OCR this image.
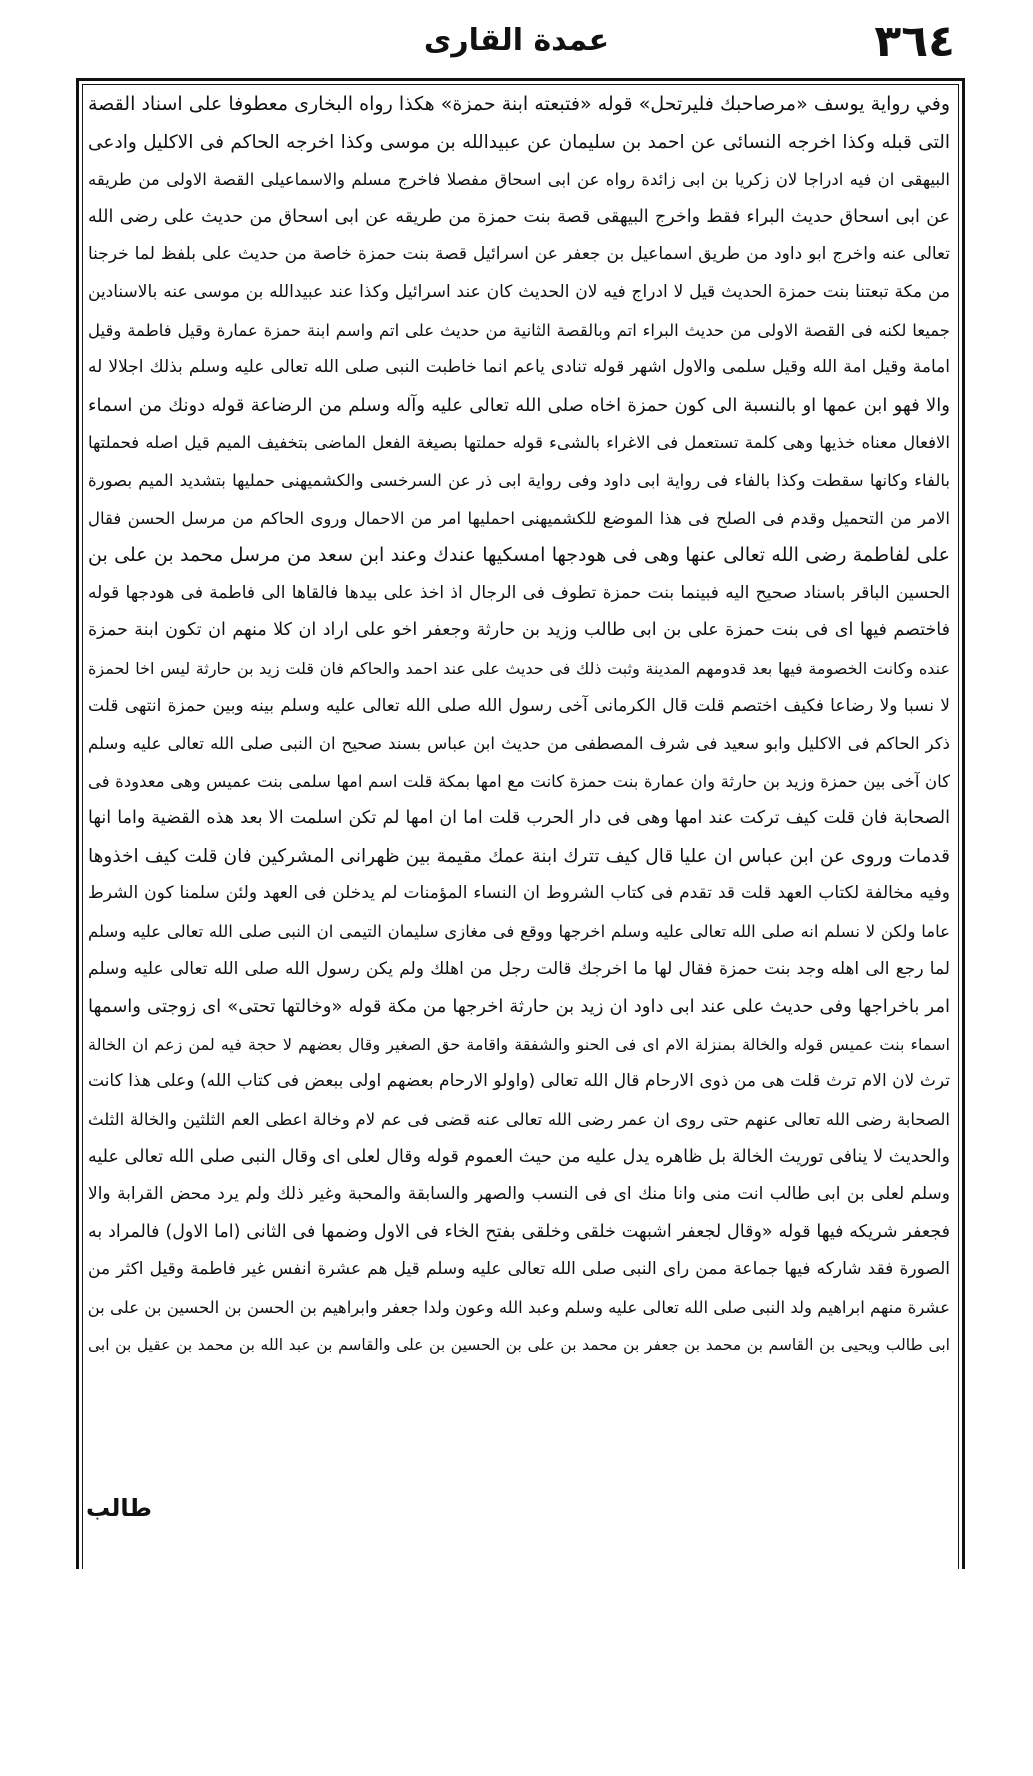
٣٦٤
عمدة القارى
وفي رواية يوسف «مرصاحبك فليرتحل» قوله «فتبعته ابنة حمزة» هكذا رواه البخارى معطوفا على اسناد القصة
التى قبله وكذا اخرجه النسائى عن احمد بن سليمان عن عبيدالله بن موسى وكذا اخرجه الحاكم فى الاكليل وادعى
البيهقى ان فيه ادراجا لان زكريا بن ابى زائدة رواه عن ابى اسحاق مفصلا فاخرج مسلم والاسماعيلى القصة الاولى من طريقه
عن ابى اسحاق حديث البراء فقط واخرج البيهقى قصة بنت حمزة من طريقه عن ابى اسحاق من حديث على رضى الله
تعالى عنه واخرج ابو داود من طريق اسماعيل بن جعفر عن اسرائيل قصة بنت حمزة خاصة من حديث على بلفظ لما خرجنا
من مكة تبعتنا بنت حمزة الحديث قيل لا ادراج فيه لان الحديث كان عند اسرائيل وكذا عند عبيدالله بن موسى عنه بالاسنادين
جميعا لكنه فى القصة الاولى من حديث البراء اتم وبالقصة الثانية من حديث على اتم واسم ابنة حمزة عمارة وقيل فاطمة وقيل
امامة وقيل امة الله وقيل سلمى والاول اشهر قوله تنادى ياعم انما خاطبت النبى صلى الله تعالى عليه وسلم بذلك اجلالا له
والا فهو ابن عمها او بالنسبة الى كون حمزة اخاه صلى الله تعالى عليه وآله وسلم من الرضاعة قوله دونك من اسماء
الافعال معناه خذيها وهى كلمة تستعمل فى الاغراء بالشىء قوله حملتها بصيغة الفعل الماضى بتخفيف الميم قيل اصله فحملتها
بالفاء وكانها سقطت وكذا بالفاء فى رواية ابى داود وفى رواية ابى ذر عن السرخسى والكشميهنى حمليها بتشديد الميم بصورة
الامر من التحميل وقدم فى الصلح فى هذا الموضع للكشميهنى احمليها امر من الاحمال وروى الحاكم من مرسل الحسن فقال
على لفاطمة رضى الله تعالى عنها وهى فى هودجها امسكيها عندك وعند ابن سعد من مرسل محمد بن على بن
الحسين الباقر باسناد صحيح اليه فبينما بنت حمزة تطوف فى الرجال اذ اخذ على بيدها فالقاها الى فاطمة فى هودجها قوله
فاختصم فيها اى فى بنت حمزة على بن ابى طالب وزيد بن حارثة وجعفر اخو على اراد ان كلا منهم ان تكون ابنة حمزة
عنده وكانت الخصومة فيها بعد قدومهم المدينة وثبت ذلك فى حديث على عند احمد والحاكم فان قلت زيد بن حارثة ليس اخا لحمزة
لا نسبا ولا رضاعا فكيف اختصم قلت قال الكرمانى آخى رسول الله صلى الله تعالى عليه وسلم بينه وبين حمزة انتهى قلت
ذكر الحاكم فى الاكليل وابو سعيد فى شرف المصطفى من حديث ابن عباس بسند صحيح ان النبى صلى الله تعالى عليه وسلم
كان آخى بين حمزة وزيد بن حارثة وان عمارة بنت حمزة كانت مع امها بمكة قلت اسم امها سلمى بنت عميس وهى معدودة فى
الصحابة فان قلت كيف تركت عند امها وهى فى دار الحرب قلت اما ان امها لم تكن اسلمت الا بعد هذه القضية واما انها
قدمات وروى عن ابن عباس ان عليا قال كيف تترك ابنة عمك مقيمة بين ظهرانى المشركين فان قلت كيف اخذوها
وفيه مخالفة لكتاب العهد قلت قد تقدم فى كتاب الشروط ان النساء المؤمنات لم يدخلن فى العهد ولئن سلمنا كون الشرط
عاما ولكن لا نسلم انه صلى الله تعالى عليه وسلم اخرجها ووقع فى مغازى سليمان التيمى ان النبى صلى الله تعالى عليه وسلم
لما رجع الى اهله وجد بنت حمزة فقال لها ما اخرجك قالت رجل من اهلك ولم يكن رسول الله صلى الله تعالى عليه وسلم
امر باخراجها وفى حديث على عند ابى داود ان زيد بن حارثة اخرجها من مكة قوله «وخالتها تحتى» اى زوجتى واسمها
اسماء بنت عميس قوله والخالة بمنزلة الام اى فى الحنو والشفقة واقامة حق الصغير وقال بعضهم لا حجة فيه لمن زعم ان الخالة
ترث لان الام ترث قلت هى من ذوى الارحام قال الله تعالى (واولو الارحام بعضهم اولى ببعض فى كتاب الله) وعلى هذا كانت
الصحابة رضى الله تعالى عنهم حتى روى ان عمر رضى الله تعالى عنه قضى فى عم لام وخالة اعطى العم الثلثين والخالة الثلث
والحديث لا ينافى توريث الخالة بل ظاهره يدل عليه من حيث العموم قوله وقال لعلى اى وقال النبى صلى الله تعالى عليه
وسلم لعلى بن ابى طالب انت منى وانا منك اى فى النسب والصهر والسابقة والمحبة وغير ذلك ولم يرد محض القرابة والا
فجعفر شريكه فيها قوله «وقال لجعفر اشبهت خلقى وخلقى بفتح الخاء فى الاول وضمها فى الثانى (اما الاول) فالمراد به
الصورة فقد شاركه فيها جماعة ممن راى النبى صلى الله تعالى عليه وسلم قيل هم عشرة انفس غير فاطمة وقيل اكثر من
عشرة منهم ابراهيم ولد النبى صلى الله تعالى عليه وسلم وعبد الله وعون ولدا جعفر وابراهيم بن الحسن بن الحسين بن على بن
ابى طالب ويحيى بن القاسم بن محمد بن جعفر بن محمد بن على بن الحسين بن على والقاسم بن عبد الله بن محمد بن عقيل بن ابى
طالب
